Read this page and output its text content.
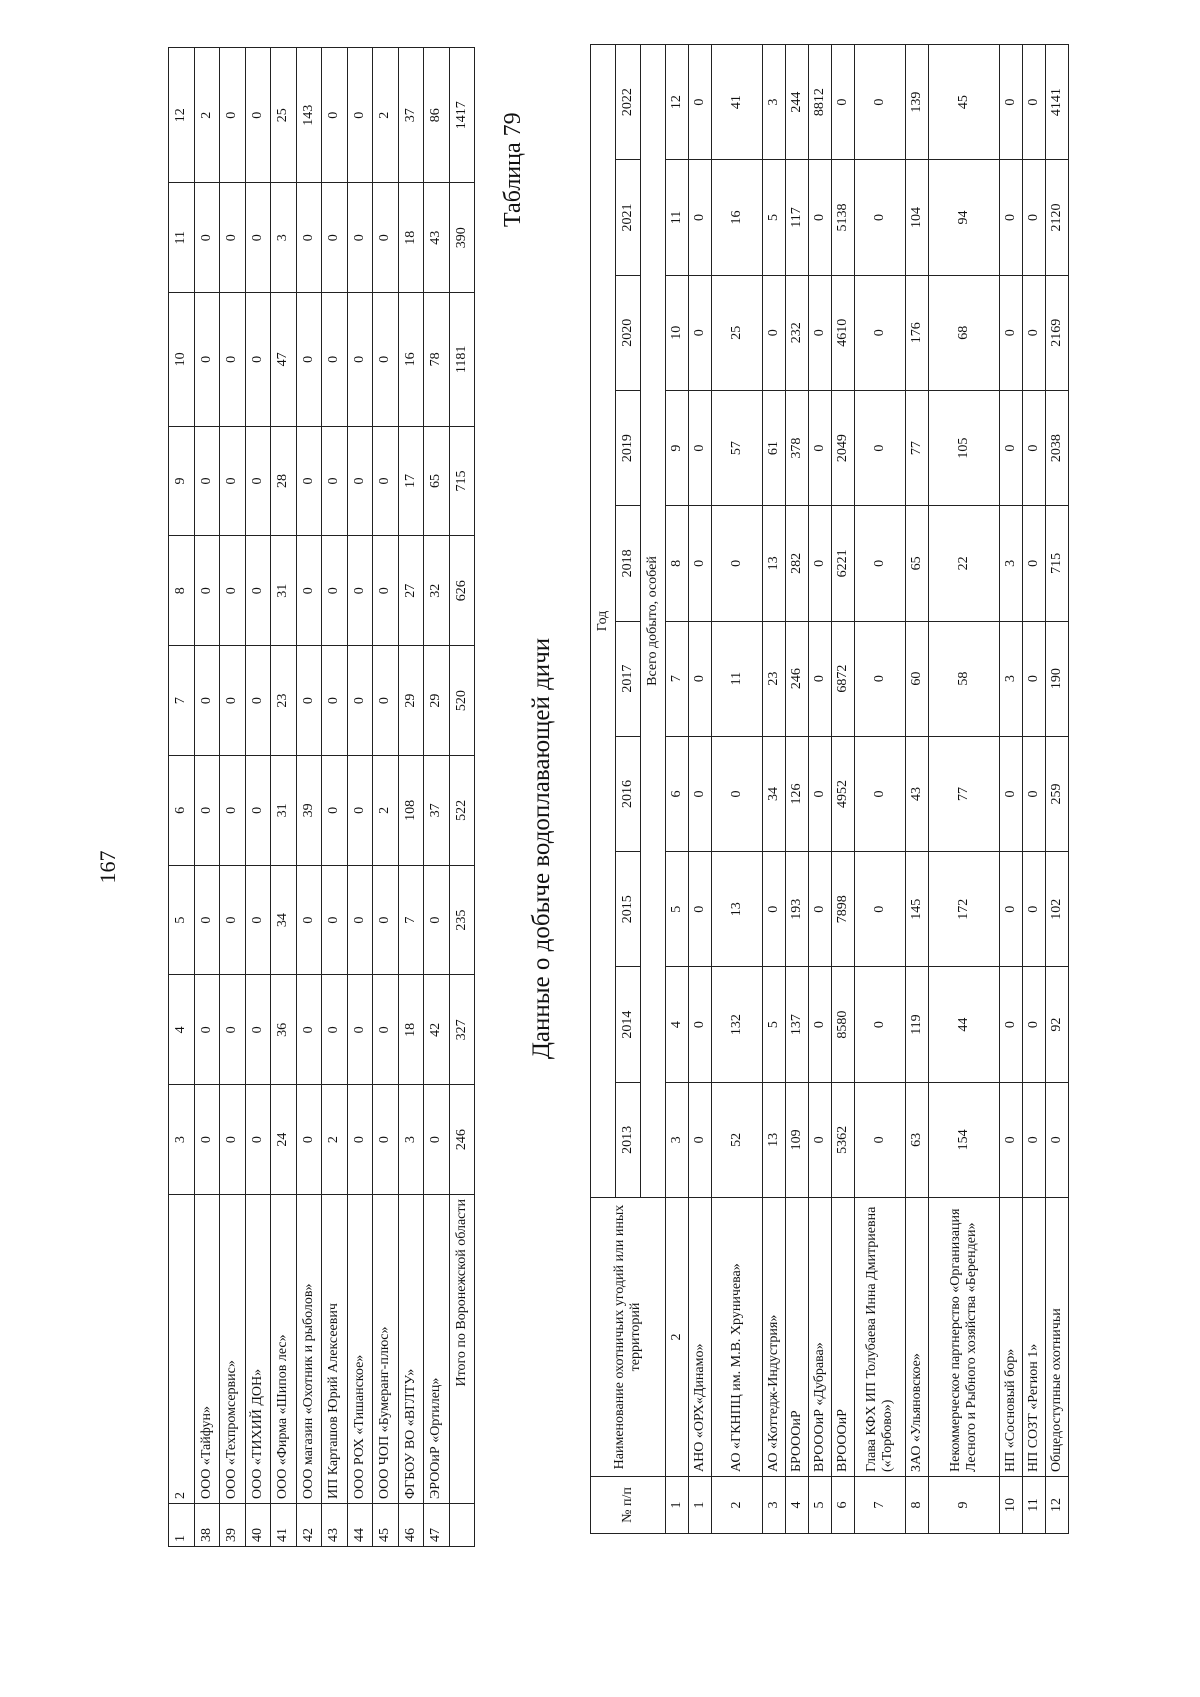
167
1	2	3	4	5	6	7	8	9	10	11	12
38	ООО «Тайфун»	0	0	0	0	0	0	0	0	0	2
39	ООО «Техпромсервис»	0	0	0	0	0	0	0	0	0	0
40	ООО «ТИХИЙ ДОН»	0	0	0	0	0	0	0	0	0	0
41	ООО «Фирма «Шипов лес»	24	36	34	31	23	31	28	47	3	25
42	ООО магазин «Охотник и рыболов»	0	0	0	39	0	0	0	0	0	143
43	ИП Карташов Юрий Алексеевич	2	0	0	0	0	0	0	0	0	0
44	ООО РОХ «Тишанское»	0	0	0	0	0	0	0	0	0	0
45	ООО ЧОП «Бумеранг-плюс»	0	0	0	2	0	0	0	0	0	2
46	ФГБОУ ВО «ВГЛТУ»	3	18	7	108	29	27	17	16	18	37
47	ЭРООиР «Ортилец»	0	42	0	37	29	32	65	78	43	86
	Итого по Воронежской области	246	327	235	522	520	626	715	1181	390	1417 Таблица 79
Данные о добыче водоплавающей дичи
№ п/п	Наименование охотничьих угодий или иных территорий	Год									
		2013	2014	2015	2016	2017	2018	2019	2020	2021	2022
		Всего добыто, особей									
1	2	3	4	5	6	7	8	9	10	11	12
1	АНО «ОРХ«Динамо»	0	0	0	0	0	0	0	0	0	0
2	АО «ГКНПЦ им. М.В. Хруничева»	52	132	13	0	11	0	57	25	16	41
3	АО «Коттедж-Индустрия»	13	5	0	34	23	13	61	0	5	3
4	БРОООиР	109	137	193	126	246	282	378	232	117	244
5	ВРОООиР «Дубрава»	0	0	0	0	0	0	0	0	0	8812
6	ВРОООиР	5362	8580	7898	4952	6872	6221	2049	4610	5138	0
7	Глава КФХ ИП Толубаева Инна Дмитриевна («Торбово»)	0	0	0	0	0	0	0	0	0	0
8	ЗАО «Ульяновское»	63	119	145	43	60	65	77	176	104	139
9	Некоммерческое партнерство «Организация Лесного и Рыбного хозяйства «Берендеи»	154	44	172	77	58	22	105	68	94	45
10	НП «Сосновый бор»	0	0	0	0	3	3	0	0	0	0
11	НП СОЗТ «Регион 1»	0	0	0	0	0	0	0	0	0	0
12	Общедоступные охотничьи	0	92	102	259	190	715	2038	2169	2120	4141
